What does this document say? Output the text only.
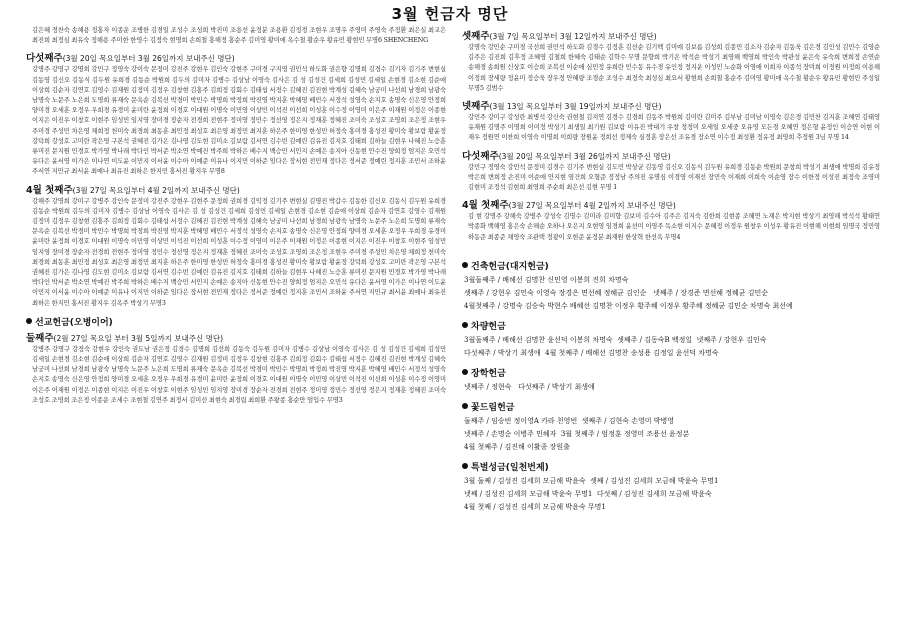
3월 헌금자 명단
김은혜 정찬숙 송해용 정홍자 이종운 조병한 김경일 조성수 조성희 박진미 조용선 윤정분 조용환 김정경 조현우 조명우 주영미 주영숙 주정환 최은실 최교은 최진희 최정심 최유숙 정해용 주미한 한영수 김정숙 현명희 손희철 홍해정 홍순주 김미영 황미애 옥수철 황순우 황유민 황현민 무명6 SHENCHENG
다섯째주(3월 20일 목요일부터 3월 26일까지 보내주신 명단)
강명주 강명구 강명희 강민구 정영숙 강이숙 문정미 강진주 강현우 김인숙 강현주 구미경 구지영 권민석 하도화 권은향 김명희 김경수 김기자 김기주 변현실 김동영 김신오 김동식 김두원 유희경 김동순 박원희 김두의 김미자 김병수 김상남 이영숙 김사은 김 성 김성건 김세희 김성민 김세일 손현경 김소현 김순애 이상희 김순자 김연호 김영수 김재원 김정미 김정우 김창현 김홍주 김희정 김회수 김태섭 서정수 김혜진 김진현 박계성 김혜숙 남궁미 나선희 남경희 남광숙 남명숙 노문주 노은희 도명희 류재숙 문옥순 김복선 박경미 박민수 박명희 박정희 박진영 박지훈 박혜영 배민수 서정석 성영숙 손지호 송명숙 신은영 안정희 양미경 오세훈 오정우 우희경 유경미 윤미란 윤정희 이경호 이대원 이명숙 이민영 이상민 이석진 이선희 이성훈 이수정 이영미 이은주 이재원 이정은 이종현 이지은 이진우 이창호 이현주 임성민 임지영 장미경 장순자 전경희 전현주 정미영 정민수 정선영 정은지 정재훈 정혜진 조미숙 조성호 조영희 조은정 조현우 주미경 주성민 차은영 채희정 천미숙 최경희 최동훈 최민정 최성호 최은영 최정민 최지훈 하은주 한미영 한성민 허정숙 홍미경 홍성진 황미숙 황보람 황윤정 강덕희 강성호 고미란 곽은영 구본석 권혜진 김가은 김나영 김도현 김미소 김보람 김서연 김수빈 김예린 김유진 김지호 김태희 김하늘 김현우 나혜진 노승훈 류미진 문지원 민경호 박가영 박나래 박다인 박서준 박소연 박예진 박주희 박하은 배수지 백승민 서민지 손예은 송지아 신동현 안수진 양희정 엄지은 오민석 유다은 윤서영 이가은 이나연 이도윤 이민지 이서윤 이수아 이예준 이유나 이지민 이하준 임다은 장서현 전민재 정다은 정서준 정예린 정지훈 조민서 조하윤 주서연 지민규 최서윤 최예나 최유진 최하은 한지민 홍서진 황지우 무명8
4월 첫째주(3월 27일 목요일부터 4월 2일까지 보내주신 명단)
강해주 강명희 강미구 강병주 강인숙 문정미 강진주 강현우 김현주 문정희 권희경 김익정 김기주 변현실 김명진 박갑수 김동한 김신오 김동식 김두원 유희경 김동순 박원희 김두의 김미자 김병수 김상남 이영숙 김사은 김 성 김성건 김세희 김성민 김세일 손현경 김소현 김순애 이상희 김순자 김연호 김영수 김재원 김정미 김정우 김창현 김홍주 김희정 김회수 김태섭 서정수 김혜진 김진현 박계성 김혜숙 남궁미 나선희 남경희 남광숙 남명숙 노문주 노은희 도명희 류재숙 문옥순 김복선 박경미 박민수 박명희 박정희 박진영 박지훈 박혜영 배민수 서정석 성영숙 손지호 송명숙 신은영 안정희 양미경 오세훈 오정우 우희경 유경미 윤미란 윤정희 이경호 이대원 이명숙 이민영 이상민 이석진 이선희 이성훈 이수정 이영미 이은주 이재원 이정은 이종현 이지은 이진우 이창호 이현주 임성민 임지영 장미경 장순자 전경희 전현주 정미영 정민수 정선영 정은지 정재훈 정혜진 조미숙 조성호 조영희 조은정 조현우 주미경 주성민 차은영 채희정 천미숙 최경희 최동훈 최민정 최성호 최은영 최정민 최지훈 하은주 한미영 한성민 허정숙 홍미경 홍성진 황미숙 황보람 황윤정 강덕희 강성호 고미란 곽은영 구본석 권혜진 김가은 김나영 김도현 김미소 김보람 김서연 김수빈 김예린 김유진 김지호 김태희 김하늘 김현우 나혜진 노승훈 류미진 문지원 민경호 박가영 박나래 박다인 박서준 박소연 박예진 박주희 박하은 배수지 백승민 서민지 손예은 송지아 신동현 안수진 양희정 엄지은 오민석 유다은 윤서영 이가은 이나연 이도윤 이민지 이서윤 이수아 이예준 이유나 이지민 이하준 임다은 장서현 전민재 정다은 정서준 정예린 정지훈 조민서 조하윤 주서연 지민규 최서윤 최예나 최유진 최하은 한지민 홍서진 황지우 김옥주 박상기 무명3
선교헌금(오병이어)
둘째주(2월 27일 목요일 부터 3월 5일까지 보내주신 명단)
강병주 강명구 강정숙 강현우 강인숙 권도남 권은정 김경수 김명희 김선희 김동숙 김두원 김미자 김병수 김상남 이영숙 김사은 김 성 김성건 김세희 김성민 김세일 손현경 김소현 김순애 이상희 김순자 김연호 김영수 김재원 김정미 김정우 김창현 김홍주 김희정 김회수 김태섭 서정수 김혜진 김진현 박계성 김혜숙 남궁미 나선희 남경희 남광숙 남명숙 노문주 노은희 도명희 류재숙 문옥순 김복선 박경미 박민수 박명희 박정희 박진영 박지훈 박혜영 배민수 서정석 성영숙 손지호 송명숙 신은영 안정희 양미경 오세훈 오정우 우희경 유경미 윤미란 윤정희 이경호 이대원 이명숙 이민영 이상민 이석진 이선희 이성훈 이수정 이영미 이은주 이재원 이정은 이종현 이지은 이진우 이창호 이현주 임성민 임지영 장미경 장순자 전경희 전현주 정미영 정민수 정선영 정은지 정재훈 정혜진 조미숙 조성호 조영희 조은정 이종운 조세수 조현철 김연주 최정서 김미선 최현숙 최경립 최희환 주왕종 홍순만 엄입수 무명3
셋째주(3월 7일 목요일부터 3월 12일까지 보내주신 명단)
강명숙 강민순 구미경 국선희 권민석 하도화 김경수 김정훈 김선순 김기백 김미애 김보름 김성희 김종민 김소자 김순자 김동욱 김은경 김인성 김민수 김영순 김주은 김진희 김후정 조혜영 김철희 한혜숙 김태순 김학수 무명 문향희 박기온 박석순 박성기 최영해 백영희 박인숙 박관성 윤은숙 유숙희 변희정 손연순 송해경 송희원 신상호 이승희 조복선 이순애 심민정 유희란 민수동 유수경 유인정 정지운 이성민 노순화 이영애 이희자 이종석 장미희 이정원 이정희 이용해 이정희 장세량 정윤미 정승욱 장우정 안혜량 조경순 조성수 최정숙 최성심 최요서 황현희 손희철 홍순주 김미영 황미애 옥수철 황순우 황유민 황현민 주성일 무명5 김범수
넷째주(3월 13일 목요일부터 3월 19일까지 보내주신 명단)
강민주 강미구 강성란 최병석 강신숙 권현철 김지연 김경수 김경희 김동주 박원희 김미란 김미주 김부남 김미남 이영숙 김은경 김민찬 김지훈 조혜연 김태영 유재원 김명주 이명희 이미정 박성기 최생일 최기원 김보람 이유진 박대기 우창 정정미 오세일 오세중 오유영 모든경 오혜연 정은형 윤정인 이승연 이현 이재우 정원연 이찬희 이영숙 이명희 이희량 장원윤 정희선 정제숙 심정훈 장은선 조유경 장소연 이수정 최성환 정유정 최영희 추정원 3님 무명 14
다섯째주(3월 20일 목요일부터 3월 26일까지 보내주신 명단)
강민구 정영숙 강민석 문정미 김경수 김기주 변현실 김도민 박상균 김동영 김신오 김동식 김두원 유희경 김동순 박원희 문창희 박성기 최생애 박명희 김유정 박은희 변희정 손진미 이순애 안지현 염건희 오형준 정정남 주의진 유명심 이경영 이재선 장민숙 이재희 이희숙 이순영 장수 이한정 이성진 최정숙 조영미 김현미 조정석 김현희 최영희 주순희 최은선 김현 무명 1
4월 첫째주(3월 27일 목요일부터 4월 2일까지 보내주신 명단)
김 현 강명주 강해숙 강병주 강성숙 김명수 김미라 김미향 김보미 김수아 김주은 김지숙 김한희 김현종 조혜연 노재은 박지현 박상기 최영해 박석석 황태연 박종화 백해영 홍은숙 손해순 오하나 오은지 오현영 임경희 윤선미 이영주 독소현 이지수 문혜정 이정우 원창우 이성우 황유진 이현해 이현희 임명국 정민영 하동준 최종준 채영숙 조관택 정광이 오현준 윤정분 최재원 한상혁 한선옥 무명4
건축헌금(대지헌금)
3월둘째주 / 배해선 김명찬 신민영 이봉희 진희 차명숙
셋째주 / 강현우 김민숙 이영숙 장경은 면선혜 정혜균 김인순 넷째주 / 장경준 면선혜 정혜균 김민순
4월첫째주 / 강명숙 김승숙 박현수 배혜선 김명찬 이정우 황주혜 이정우 황주혜 정혜균 김민순 차명숙 최선예
차량헌금
3월둘째주 / 배해선 김명찬 윤선덕 이봉희 차명숙 셋째주 / 김동숙B 백정일 넷째주 / 강현우 김인숙
다섯째주 / 박상기 최생애 4월 첫째주 / 배해선 김명찬 송성용 김정일 윤선덕 차명숙
장학헌금
넷째주 / 정현숙 다섯째주 / 박상기 최생애
꽃드림헌금
둘째주 / 임승빈 정이영A 카라 천영빈 셋째주 / 김현숙 손영미 박병영
넷째주 / 손명순 이병주 민혜자 3월 첫째주 / 엄정훈 정영미 조용선 윤정분
4월 첫째주 / 김진해 이활종 장원출
특별성금(일천번제)
3월 둘째 / 김성진 김세희 모금해 박윤숙 셋째 / 김성진 김세희 모금해 박윤숙 무명1
넷째 / 김성진 김세희 모금해 박윤숙 무명1 다섯째 / 김성진 김세희 모금해 박윤숙
4월 첫째 / 김성진 김세희 모금해 박윤숙 무명1
